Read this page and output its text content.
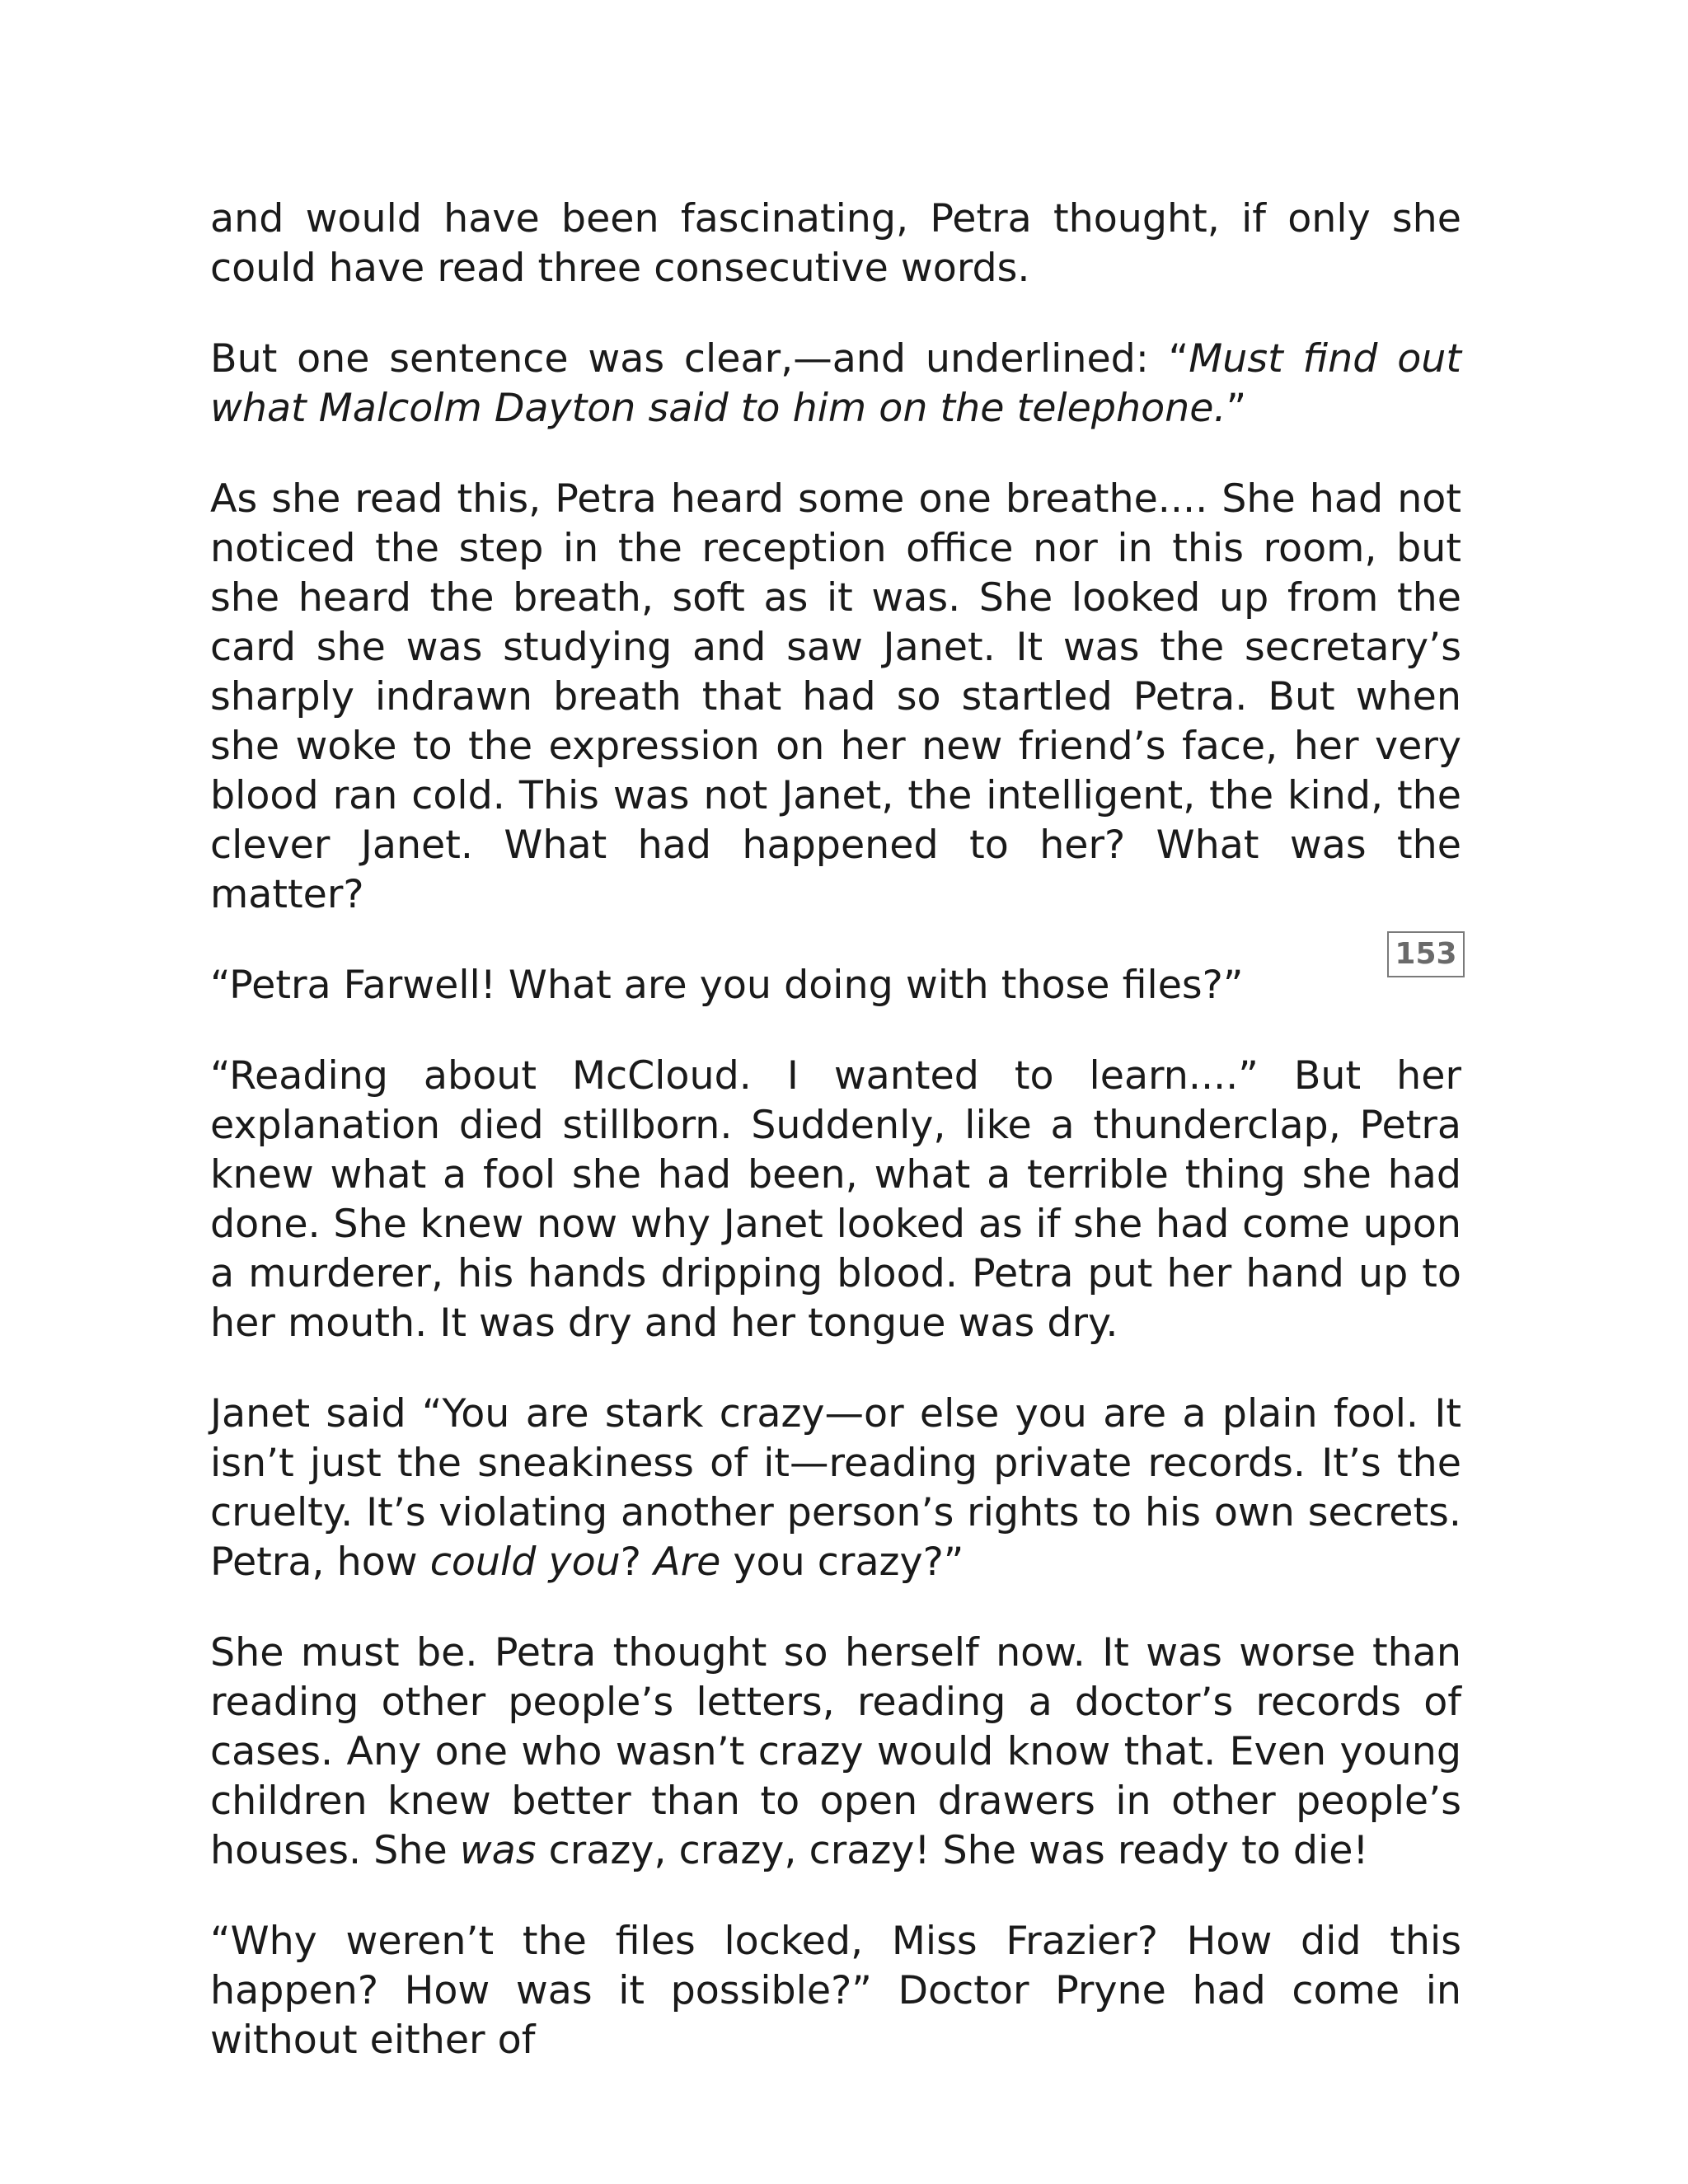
and would have been fascinating, Petra thought, if only she could have read three consecutive words.

But one sentence was clear,—and underlined: “Must find out what Malcolm Dayton said to him on the telephone.”

As she read this, Petra heard some one breathe.... She had not noticed the step in the reception office nor in this room, but she heard the breath, soft as it was. She looked up from the card she was studying and saw Janet. It was the secretary’s sharply indrawn breath that had so startled Petra. But when she woke to the expression on her new friend’s face, her very blood ran cold. This was not Janet, the intelligent, the kind, the clever Janet. What had happened to her? What was the matter?

“Petra Farwell! What are you doing with those files?”

“Reading about McCloud. I wanted to learn....” But her explanation died stillborn. Suddenly, like a thunderclap, Petra knew what a fool she had been, what a terrible thing she had done. She knew now why Janet looked as if she had come upon a murderer, his hands dripping blood. Petra put her hand up to her mouth. It was dry and her tongue was dry.

Janet said “You are stark crazy—or else you are a plain fool. It isn’t just the sneakiness of it—reading private records. It’s the cruelty. It’s violating another person’s rights to his own secrets. Petra, how could you? Are you crazy?”

She must be. Petra thought so herself now. It was worse than reading other people’s letters, reading a doctor’s records of cases. Any one who wasn’t crazy would know that. Even young children knew better than to open drawers in other people’s houses. She was crazy, crazy, crazy! She was ready to die!

“Why weren’t the files locked, Miss Frazier? How did this happen? How was it possible?” Doctor Pryne had come in without either of

153
